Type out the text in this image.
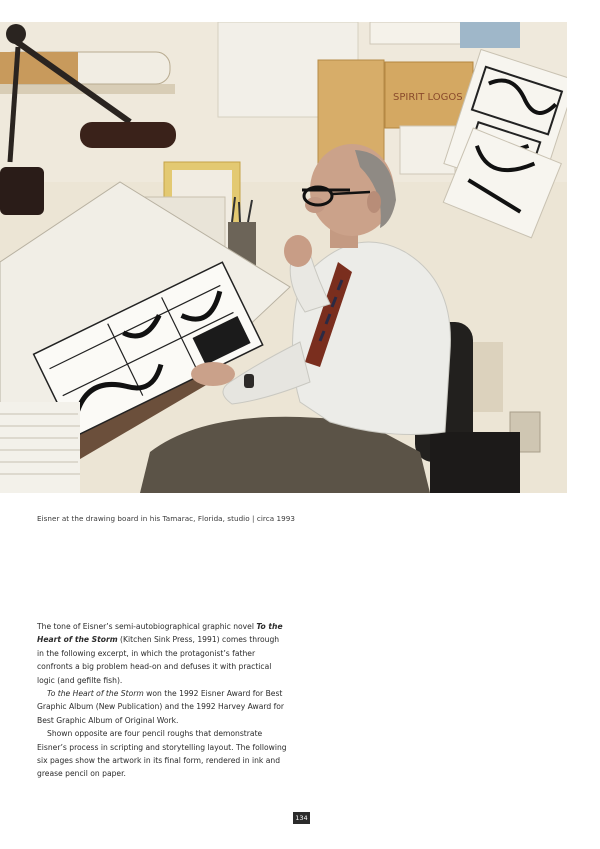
SPIRIT LOGOS
Eisner at the drawing board in his Tamarac, Florida, studio | circa 1993

The tone of Eisner’s semi-autobiographical graphic novel To the Heart of the Storm (Kitchen Sink Press, 1991) comes through in the following excerpt, in which the protagonist’s father confronts a big problem head-on and defuses it with practical logic (and gefilte fish).

To the Heart of the Storm won the 1992 Eisner Award for Best Graphic Album (New Publication) and the 1992 Harvey Award for Best Graphic Album of Original Work.

Shown opposite are four pencil roughs that demonstrate Eisner’s process in scripting and storytelling layout. The following six pages show the artwork in its final form, rendered in ink and grease pencil on paper.

134
